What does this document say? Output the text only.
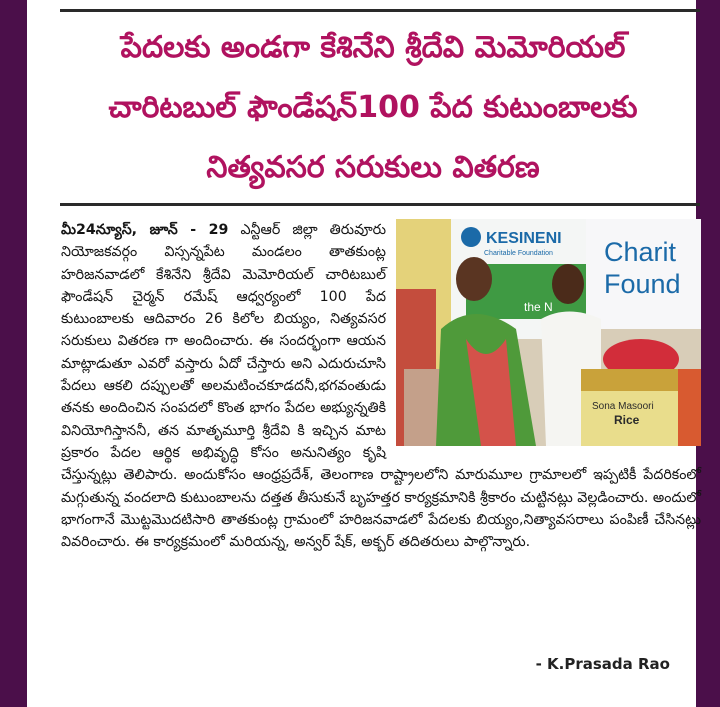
పేదలకు అండగా కేశినేని శ్రీదేవి మెమోరియల్
చారిటబుల్ ఫౌండేషన్100 పేద కుటుంబాలకు
నిత్యవసర సరుకులు వితరణ
KESINENI
Charitable Foundation Charit
Found
the N
Sona Masoori
Rice
మీ24న్యూస్, జూన్ - 29 ఎన్టీఆర్ జిల్లా తిరువూరు నియోజకవర్గం విస్సన్నపేట మండలం తాతకుంట్ల హరిజనవాడలో కేశినేని శ్రీదేవి మెమోరియల్ చారిటబుల్ ఫౌండేషన్ చైర్మన్ రమేష్ ఆధ్వర్యంలో 100 పేద కుటుంబాలకు ఆదివారం 26 కిలోల బియ్యం, నిత్యవసర సరుకులు వితరణ గా అందించారు. ఈ సందర్భంగా ఆయన మాట్లాడుతూ ఎవరో వస్తారు ఏదో చేస్తారు అని ఎదురుచూసి పేదలు ఆకలి దప్పులతో అలమటించకూడదనీ,భగవంతుడు తనకు అందించిన సంపదలో కొంత భాగం పేదల అభ్యున్నతికి వినియోగిస్తాననీ, తన మాతృమూర్తి శ్రీదేవి కి ఇచ్చిన మాట ప్రకారం పేదల ఆర్థిక అభివృద్ధి కోసం అనునిత్యం కృషి చేస్తున్నట్లు తెలిపారు. అందుకోసం ఆంధ్రప్రదేశ్, తెలంగాణ రాష్ట్రాలలోని మారుమూల గ్రామాలలో ఇప్పటికీ పేదరికంలో మగ్గుతున్న వందలాది కుటుంబాలను దత్తత తీసుకునే బృహత్తర కార్యక్రమానికి శ్రీకారం చుట్టినట్లు వెల్లడించారు. అందులో భాగంగానే మొట్టమొదటిసారి తాతకుంట్ల గ్రామంలో హరిజనవాడలో పేదలకు బియ్యం,నిత్యావసరాలు పంపిణీ చేసినట్లు వివరించారు. ఈ కార్యక్రమంలో మరియన్న, అన్వర్ షేక్, అక్బర్ తదితరులు పాల్గొన్నారు.
- K.Prasada Rao
